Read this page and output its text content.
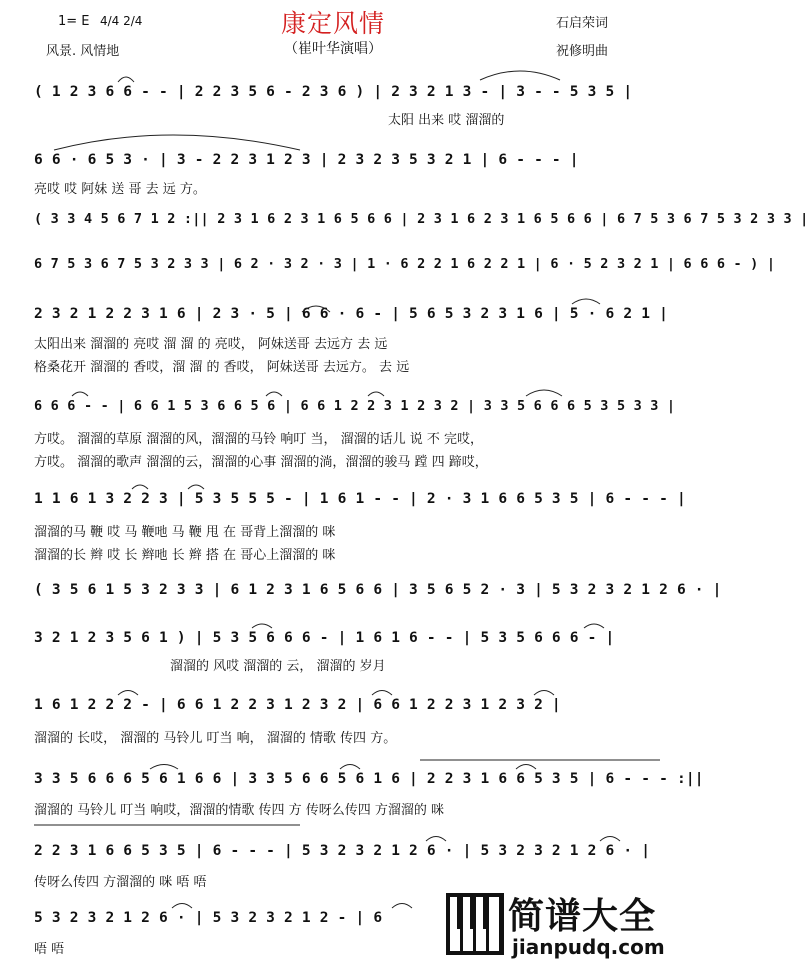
康定风情
（崔叶华演唱）
1= E 4/4 2/4
风景. 风情地
石启荣词
祝修明曲
( 1 2 3 6 6 - - | 2 2 3 5 6 - 2 3 6 ) | 2 3 2 1 3 - | 3 - - 5 3 5 |
太阳 出来 哎 溜溜的
6 6 · 6 5 3 · | 3 - 2 2 3 1 2 3 | 2 3 2 3 5 3 2 1 | 6 - - - |
亮哎 哎 阿妹 送 哥 去 远 方。
( 3 3 4 5 6 7 1 2 :|| 2 3 1 6 2 3 1 6 5 6 6 | 2 3 1 6 2 3 1 6 5 6 6 | 6 7 5 3 6 7 5 3 2 3 3 |
6 7 5 3 6 7 5 3 2 3 3 | 6 2 · 3 2 · 3 | 1 · 6 2 2 1 6 2 2 1 | 6 · 5 2 3 2 1 | 6 6 6 - ) |
2 3 2 1 2 2 3 1 6 | 2 3 · 5 | 6 6 · 6 - | 5 6 5 3 2 3 1 6 | 5 · 6 2 1 |
太阳出来 溜溜的 亮哎 溜 溜 的 亮哎， 阿妹送哥 去远方 去 远
格桑花开 溜溜的 香哎，溜 溜 的 香哎， 阿妹送哥 去远方。 去 远
6 6 6 - - | 6 6 1 5 3 6 6 5 6 | 6 6 1 2 2 3 1 2 3 2 | 3 3 5 6 6 6 5 3 5 3 3 |
方哎。 溜溜的草原 溜溜的风，溜溜的马铃 响叮 当， 溜溜的话儿 说 不 完哎，
方哎。 溜溜的歌声 溜溜的云，溜溜的心事 溜溜的淌，溜溜的骏马 蹚 四 蹄哎，
1 1 6 1 3 2 2 3 | 5 3 5 5 5 - | 1 6 1 - - | 2 · 3 1 6 6 5 3 5 | 6 - - - |
溜溜的马 鞭 哎 马 鞭吔 马 鞭 甩 在 哥背上溜溜的 咪
溜溜的长 辫 哎 长 辫吔 长 辫 搭 在 哥心上溜溜的 咪
( 3 5 6 1 5 3 2 3 3 | 6 1 2 3 1 6 5 6 6 | 3 5 6 5 2 · 3 | 5 3 2 3 2 1 2 6 · |
3 2 1 2 3 5 6 1 ) | 5 3 5 6 6 6 - | 1 6 1 6 - - | 5 3 5 6 6 6 - |
溜溜的 风哎 溜溜的 云， 溜溜的 岁月
1 6 1 2 2 2 - | 6 6 1 2 2 3 1 2 3 2 | 6 6 1 2 2 3 1 2 3 2 |
溜溜的 长哎， 溜溜的 马铃儿 叮当 响， 溜溜的 情歌 传四 方。
3 3 5 6 6 6 5 6 1 6 6 | 3 3 5 6 6 5 6 1 6 | 2 2 3 1 6 6 5 3 5 | 6 - - - :||
溜溜的 马铃儿 叮当 响哎，溜溜的情歌 传四 方 传呀么传四 方溜溜的 咪
2 2 3 1 6 6 5 3 5 | 6 - - - | 5 3 2 3 2 1 2 6 · | 5 3 2 3 2 1 2 6 · |
传呀么传四 方溜溜的 咪 唔 唔
5 3 2 3 2 1 2 6 · | 5 3 2 3 2 1 2 - | 6
唔 唔
简谱大全
jianpudq.com
